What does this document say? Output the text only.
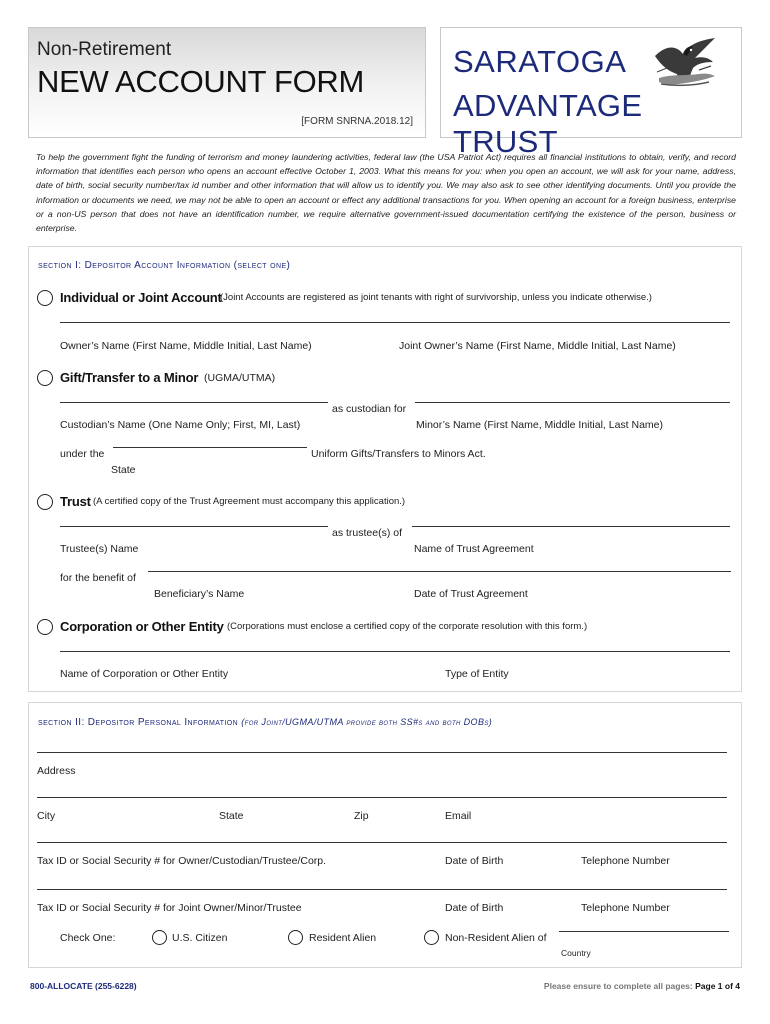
Non-Retirement
NEW ACCOUNT FORM
[FORM SNRNA.2018.12]
SARATOGA
ADVANTAGE TRUST
To help the government fight the funding of terrorism and money laundering activities, federal law (the USA Patriot Act) requires all financial institutions to obtain, verify, and record information that identifies each person who opens an account effective October 1, 2003. What this means for you: when you open an account, we will ask for your name, address, date of birth, social security number/tax id number and other information that will allow us to identify you. We may also ask to see other identifying documents. Until you provide the information or documents we need, we may not be able to open an account or effect any additional transactions for you. When opening an account for a foreign business, enterprise or a non-US person that does not have an identification number, we require alternative government-issued documentation certifying the existence of the person, business or enterprise.
section I: Depositor Account Information (select one)
Individual or Joint Account
(Joint Accounts are registered as joint tenants with right of survivorship, unless you indicate otherwise.)
Owner’s Name (First Name, Middle Initial, Last Name)	Joint Owner’s Name (First Name, Middle Initial, Last Name)
Gift/Transfer to a Minor (UGMA/UTMA)
as custodian for
Custodian’s Name (One Name Only; First, MI, Last)	Minor’s Name (First Name, Middle Initial, Last Name)
under the	Uniform Gifts/Transfers to Minors Act.
State
Trust (A certified copy of the Trust Agreement must accompany this application.)
as trustee(s) of
Trustee(s) Name	Name of Trust Agreement
for the benefit of
Beneficiary’s Name	Date of Trust Agreement
Corporation or Other Entity (Corporations must enclose a certified copy of the corporate resolution with this form.)
Name of Corporation or Other Entity	Type of Entity
section II: Depositor Personal Information (for Joint/UGMA/UTMA provide both SS#s and both DOBs)
Address
City	State	Zip	Email
Tax ID or Social Security # for Owner/Custodian/Trustee/Corp.	Date of Birth	Telephone Number
Tax ID or Social Security # for Joint Owner/Minor/Trustee	Date of Birth	Telephone Number
Check One:	U.S. Citizen	Resident Alien	Non-Resident Alien of
Country
800-ALLOCATE (255-6228)	Please ensure to complete all pages: Page 1 of 4
